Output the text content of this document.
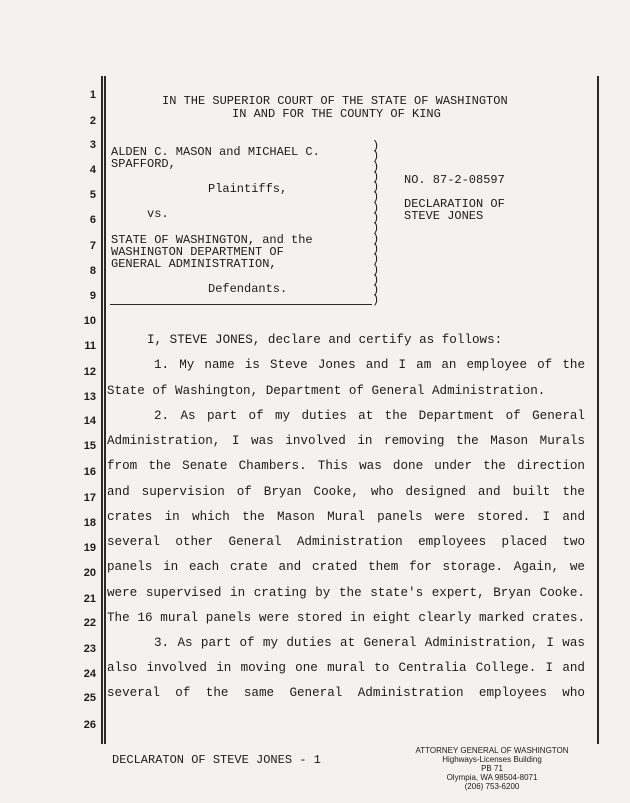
1
2
3
4
5
6
7
8
9
10
11
12
13
14
15
16
17
18
19
20
21
22
23
24
25
26
IN THE SUPERIOR COURT OF THE STATE OF WASHINGTON
IN AND FOR THE COUNTY OF KING
ALDEN C. MASON and MICHAEL C.
SPAFFORD,
Plaintiffs,
vs.
STATE OF WASHINGTON, and the
WASHINGTON DEPARTMENT OF
GENERAL ADMINISTRATION,
Defendants.
)
)
)
)
)
)
)
)
)
)
)
)
)
)
)
)
NO. 87-2-08597
DECLARATION OF
STEVE JONES
I, STEVE JONES, declare and certify as follows:
1. My name is Steve Jones and I am an employee of the
State of Washington, Department of General Administration.
2. As part of my duties at the Department of General
Administration, I was involved in removing the Mason Murals
from the Senate Chambers. This was done under the direction
and supervision of Bryan Cooke, who designed and built the
crates in which the Mason Mural panels were stored. I and
several other General Administration employees placed two
panels in each crate and crated them for storage. Again, we
were supervised in crating by the state's expert, Bryan Cooke.
The 16 mural panels were stored in eight clearly marked crates.
3. As part of my duties at General Administration, I was
also involved in moving one mural to Centralia College. I and
several of the same General Administration employees who
DECLARATON OF STEVE JONES - 1
ATTORNEY GENERAL OF WASHINGTON
Highways-Licenses Building
PB 71
Olympia, WA 98504-8071
(206) 753-6200
